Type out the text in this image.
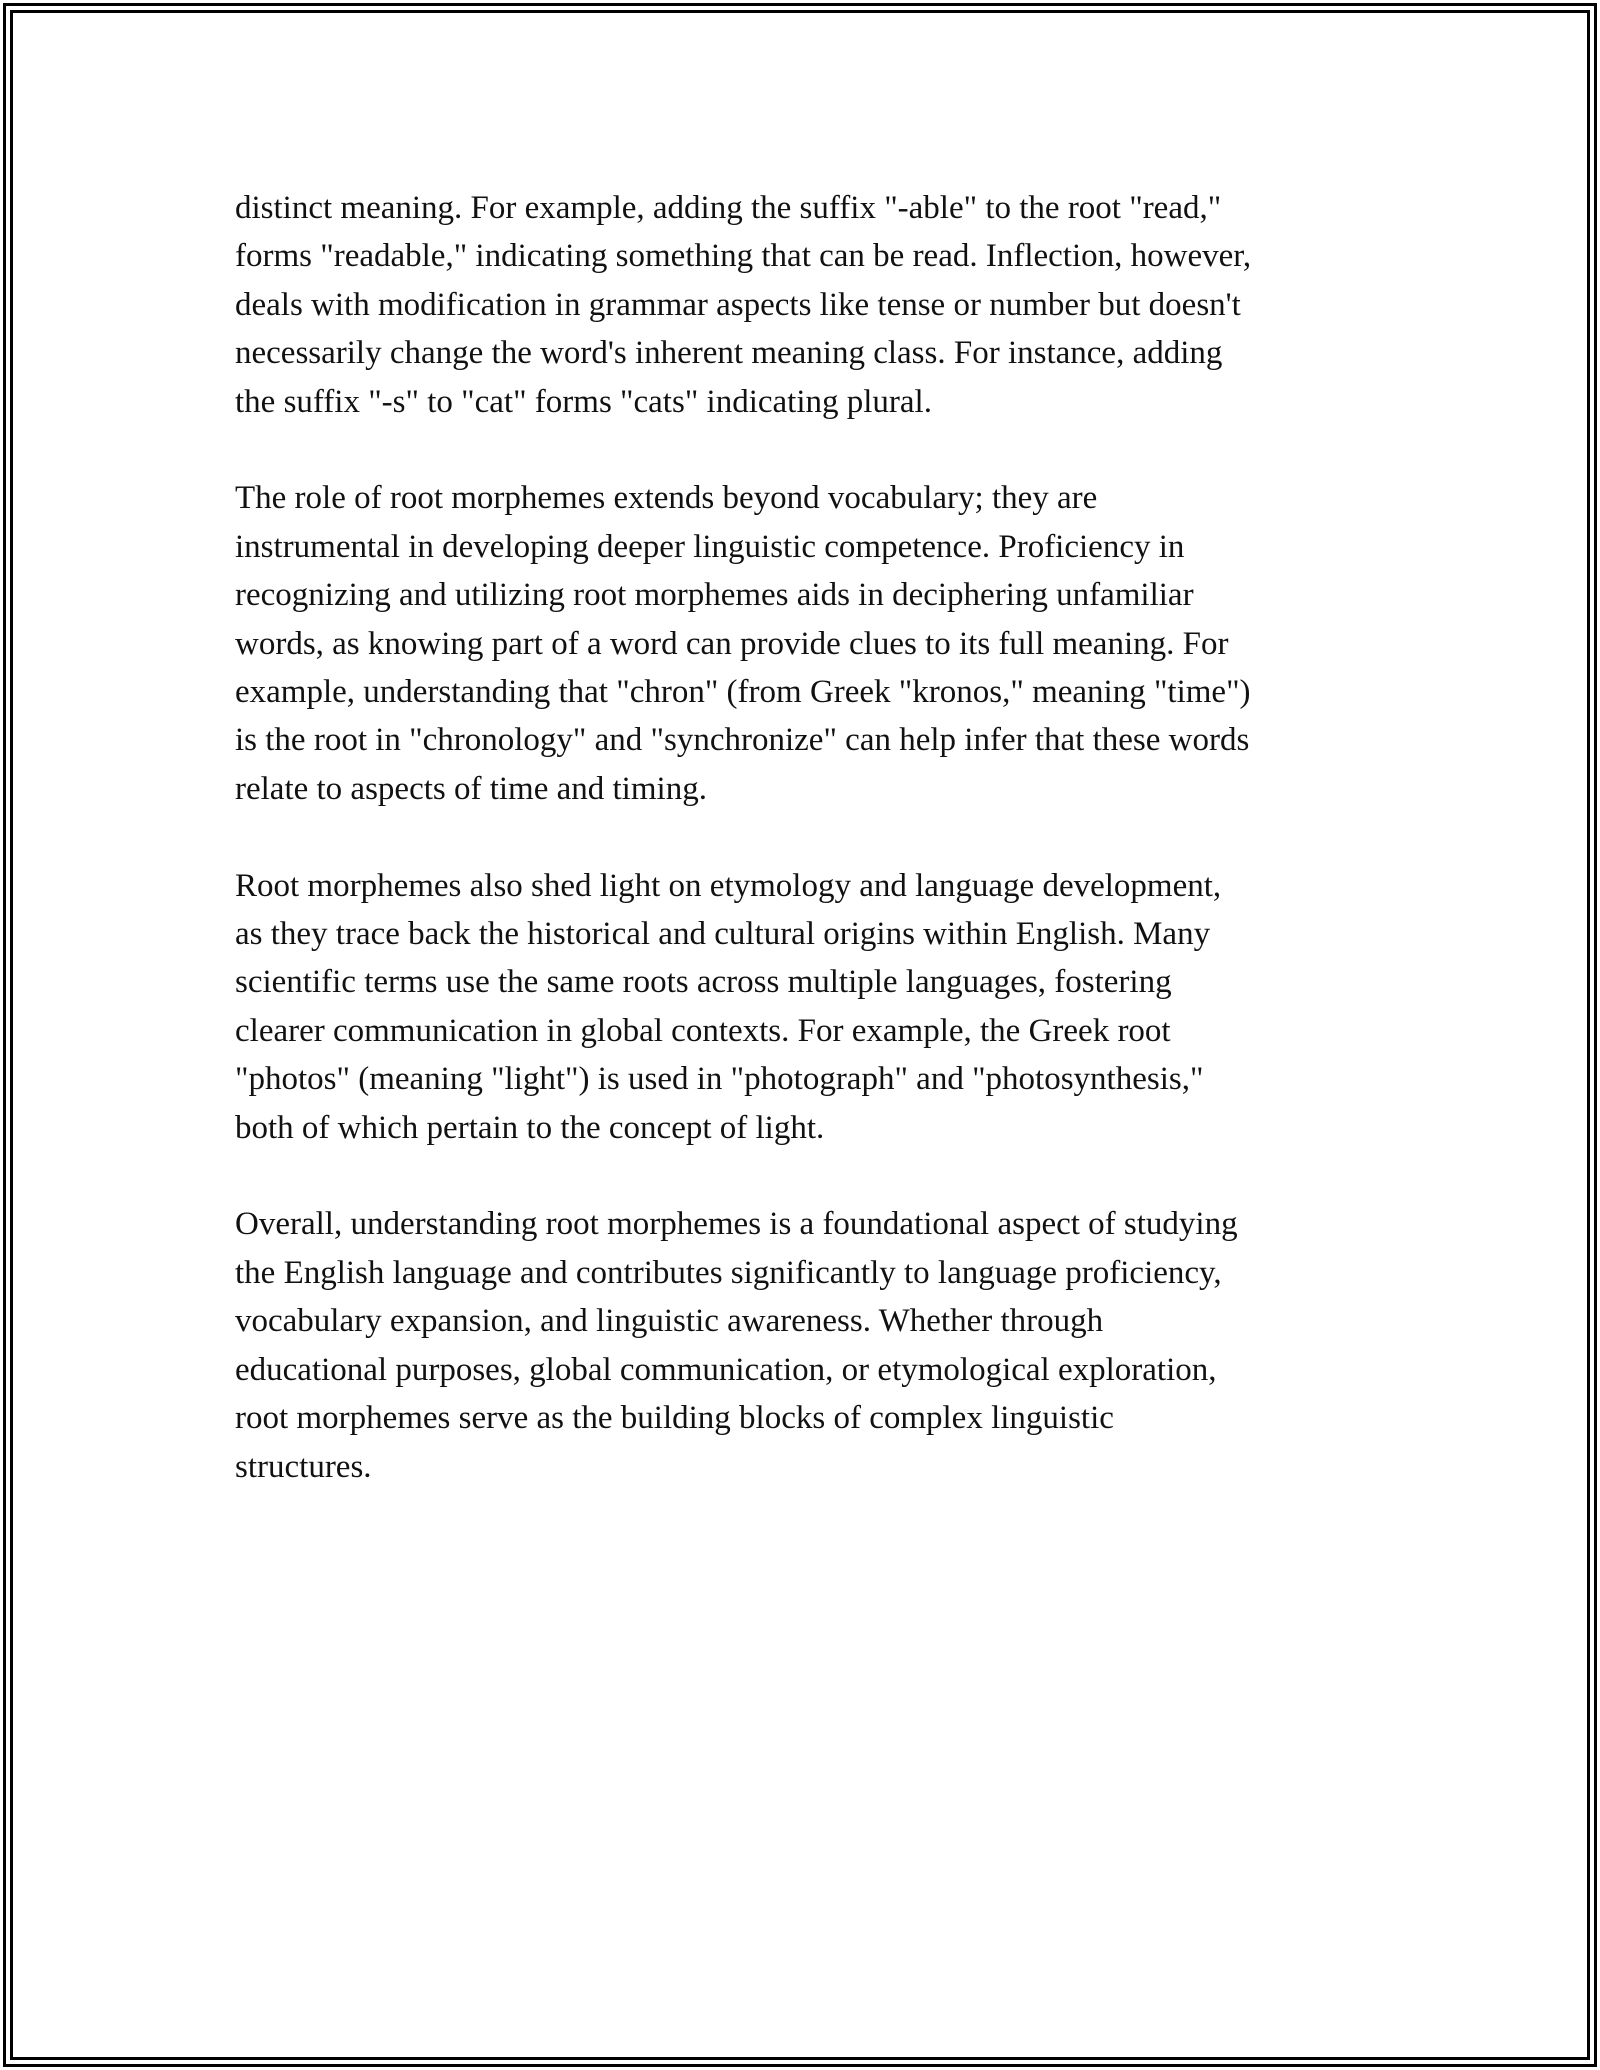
distinct meaning. For example, adding the suffix "-able" to the root "read,"
forms "readable," indicating something that can be read. Inflection, however,
deals with modification in grammar aspects like tense or number but doesn't
necessarily change the word's inherent meaning class. For instance, adding
the suffix "-s" to "cat" forms "cats" indicating plural.

The role of root morphemes extends beyond vocabulary; they are
instrumental in developing deeper linguistic competence. Proficiency in
recognizing and utilizing root morphemes aids in deciphering unfamiliar
words, as knowing part of a word can provide clues to its full meaning. For
example, understanding that "chron" (from Greek "kronos," meaning "time")
is the root in "chronology" and "synchronize" can help infer that these words
relate to aspects of time and timing.

Root morphemes also shed light on etymology and language development,
as they trace back the historical and cultural origins within English. Many
scientific terms use the same roots across multiple languages, fostering
clearer communication in global contexts. For example, the Greek root
"photos" (meaning "light") is used in "photograph" and "photosynthesis,"
both of which pertain to the concept of light.

Overall, understanding root morphemes is a foundational aspect of studying
the English language and contributes significantly to language proficiency,
vocabulary expansion, and linguistic awareness. Whether through
educational purposes, global communication, or etymological exploration,
root morphemes serve as the building blocks of complex linguistic
structures.
